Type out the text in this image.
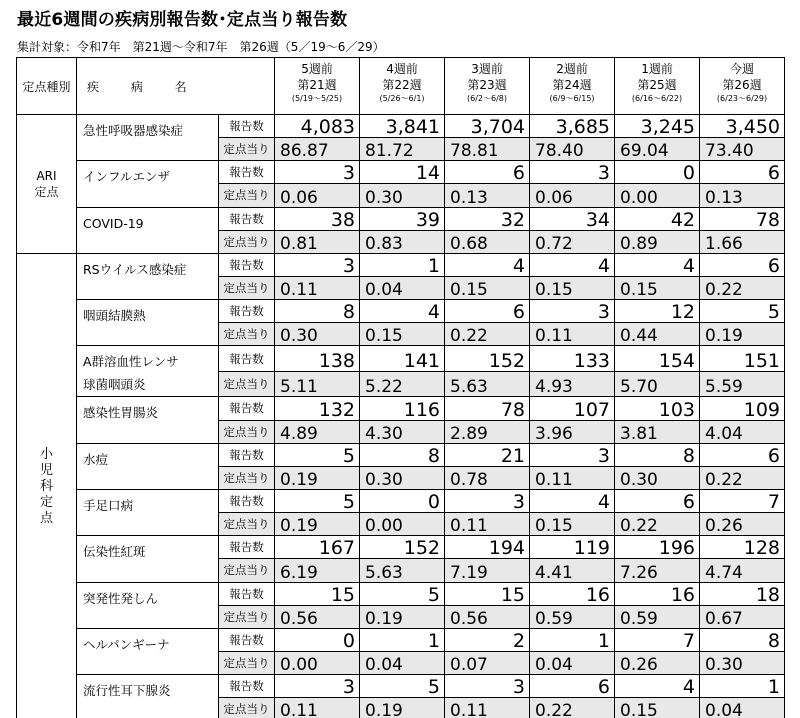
最近6週間の疾病別報告数･定点当り報告数
集計対象：令和7年　第21週～令和7年　第26週（5／19～6／29）
定点種別	疾 病 名		5週前
第21週
(5/19～5/25)	4週前
第22週
(5/26～6/1)	3週前
第23週
(6/2～6/8)	2週前
第24週
(6/9～6/15)	1週前
第25週
(6/16～6/22)	今週
第26週
(6/23～6/29)

ARI
定点	急性呼吸器感染症	報告数	4,083	3,841	3,704	3,685	3,245	3,450
		定点当り	86.87	81.72	78.81	78.40	69.04	73.40
	インフルエンザ	報告数	3	14	6	3	0	6
		定点当り	0.06	0.30	0.13	0.06	0.00	0.13
	COVID-19	報告数	38	39	32	34	42	78
		定点当り	0.81	0.83	0.68	0.72	0.89	1.66

小児科定点	RSウイルス感染症	報告数	3	1	4	4	4	6
		定点当り	0.11	0.04	0.15	0.15	0.15	0.22
	咽頭結膜熱	報告数	8	4	6	3	12	5
		定点当り	0.30	0.15	0.22	0.11	0.44	0.19
	A群溶血性レンサ
球菌咽頭炎	報告数	138	141	152	133	154	151
		定点当り	5.11	5.22	5.63	4.93	5.70	5.59
	感染性胃腸炎	報告数	132	116	78	107	103	109
		定点当り	4.89	4.30	2.89	3.96	3.81	4.04
	水痘	報告数	5	8	21	3	8	6
		定点当り	0.19	0.30	0.78	0.11	0.30	0.22
	手足口病	報告数	5	0	3	4	6	7
		定点当り	0.19	0.00	0.11	0.15	0.22	0.26
	伝染性紅斑	報告数	167	152	194	119	196	128
		定点当り	6.19	5.63	7.19	4.41	7.26	4.74
	突発性発しん	報告数	15	5	15	16	16	18
		定点当り	0.56	0.19	0.56	0.59	0.59	0.67
	ヘルパンギーナ	報告数	0	1	2	1	7	8
		定点当り	0.00	0.04	0.07	0.04	0.26	0.30
	流行性耳下腺炎	報告数	3	5	3	6	4	1
		定点当り	0.11	0.19	0.11	0.22	0.15	0.04
